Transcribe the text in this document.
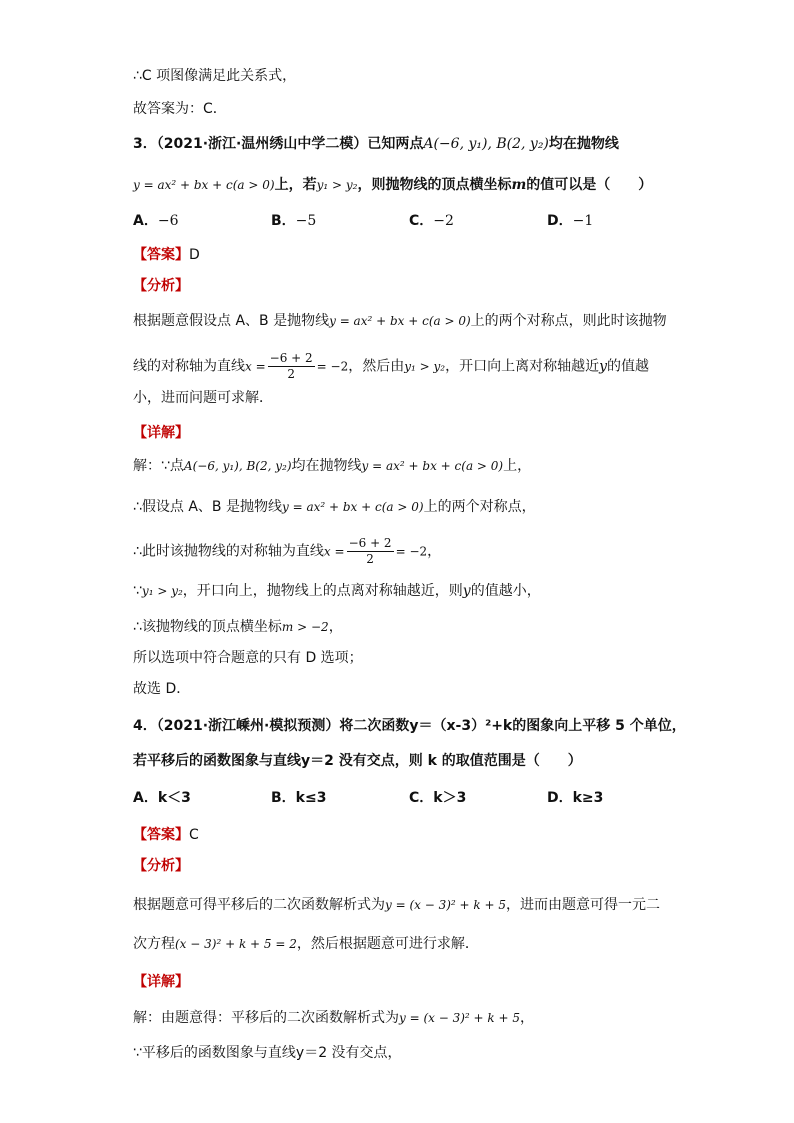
∴C 项图像满足此关系式，
故答案为：C．
3．（2021·浙江·温州绣山中学二模）已知两点A(−6, y₁), B(2, y₂)均在抛物线
y = ax² + bx + c(a > 0)上，若y₁ > y₂，则抛物线的顶点横坐标m的值可以是（　　）
A．−6	B．−5	C．−2	D．−1
【答案】D
【分析】
根据题意假设点 A、B 是抛物线y = ax² + bx + c(a > 0)上的两个对称点，则此时该抛物
线的对称轴为直线$x = \frac{-6 + 2}{2} = -2$，然后由y₁ > y₂，开口向上离对称轴越近y的值越
小，进而问题可求解．
【详解】
解：∵点A(−6, y₁), B(2, y₂)均在抛物线y = ax² + bx + c(a > 0)上，
∴假设点 A、B 是抛物线y = ax² + bx + c(a > 0)上的两个对称点，
∴此时该抛物线的对称轴为直线$x = \frac{-6 + 2}{2} = -2$，
∵y₁ > y₂，开口向上，抛物线上的点离对称轴越近，则y的值越小，
∴该抛物线的顶点横坐标m > −2，
所以选项中符合题意的只有 D 选项；
故选 D．
4．（2021·浙江嵊州·模拟预测）将二次函数y＝（x-3）²+k的图象向上平移 5 个单位，
若平移后的函数图象与直线y＝2 没有交点，则 k 的取值范围是（　　）
A．k＜3	B．k≤3	C．k＞3	D．k≥3
【答案】C
【分析】
根据题意可得平移后的二次函数解析式为y = (x − 3)² + k + 5，进而由题意可得一元二
次方程(x − 3)² + k + 5 = 2，然后根据题意可进行求解．
【详解】
解：由题意得：平移后的二次函数解析式为y = (x − 3)² + k + 5，
∵平移后的函数图象与直线y＝2 没有交点，
